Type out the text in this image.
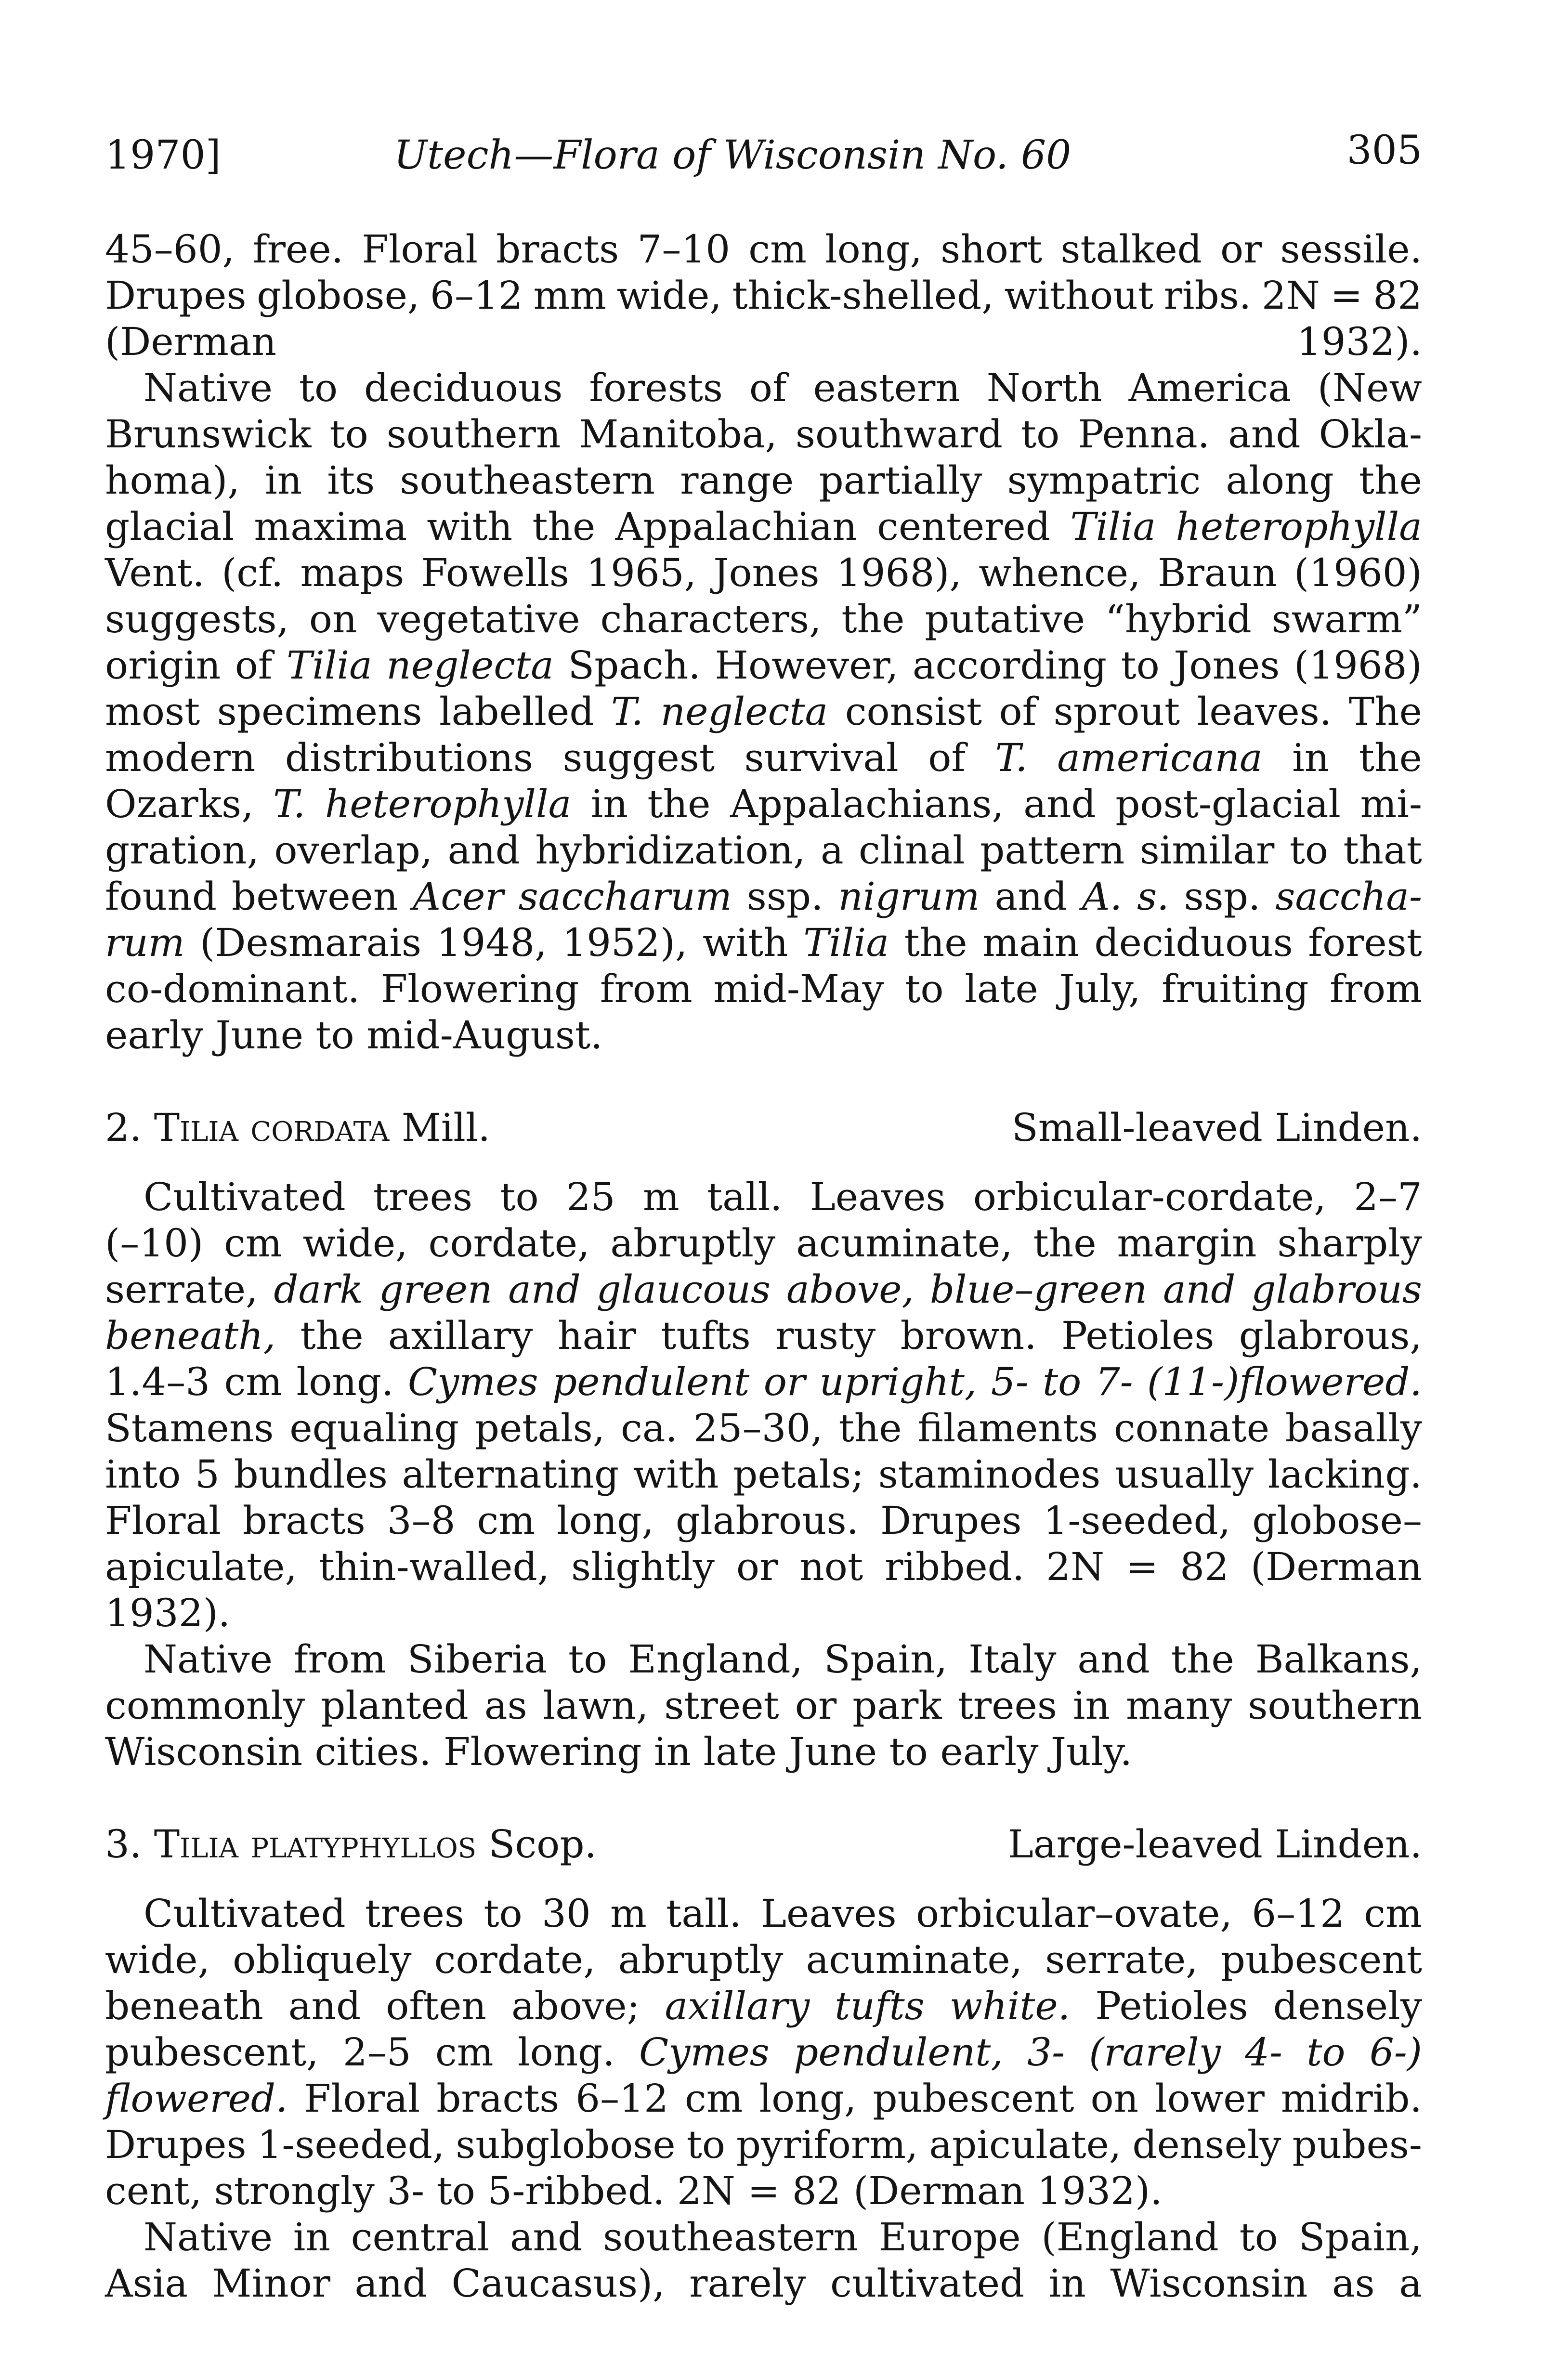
1970]	Utech—Flora of Wisconsin No. 60	305
45–60, free. Floral bracts 7–10 cm long, short stalked or sessile.
Drupes globose, 6–12 mm wide, thick-shelled, without ribs. 2N = 82
(Derman	1932).
Native to deciduous forests of eastern North America (New
Brunswick to southern Manitoba, southward to Penna. and Okla-
homa), in its southeastern range partially sympatric along the
glacial maxima with the Appalachian centered Tilia heterophylla
Vent. (cf. maps Fowells 1965, Jones 1968), whence, Braun (1960)
suggests, on vegetative characters, the putative “hybrid swarm”
origin of Tilia neglecta Spach. However, according to Jones (1968)
most specimens labelled T. neglecta consist of sprout leaves. The
modern distributions suggest survival of T. americana in the
Ozarks, T. heterophylla in the Appalachians, and post-glacial mi-
gration, overlap, and hybridization, a clinal pattern similar to that
found between Acer saccharum ssp. nigrum and A. s. ssp. saccha-
rum (Desmarais 1948, 1952), with Tilia the main deciduous forest
co-dominant. Flowering from mid-May to late July, fruiting from
early June to mid-August.
2. Tilia cordata Mill.	Small-leaved Linden.
Cultivated trees to 25 m tall. Leaves orbicular-cordate, 2–7
(–10) cm wide, cordate, abruptly acuminate, the margin sharply
serrate, dark green and glaucous above, blue–green and glabrous
beneath, the axillary hair tufts rusty brown. Petioles glabrous,
1.4–3 cm long. Cymes pendulent or upright, 5- to 7- (11-)flowered.
Stamens equaling petals, ca. 25–30, the filaments connate basally
into 5 bundles alternating with petals; staminodes usually lacking.
Floral bracts 3–8 cm long, glabrous. Drupes 1-seeded, globose–
apiculate, thin-walled, slightly or not ribbed. 2N = 82 (Derman
1932).
Native from Siberia to England, Spain, Italy and the Balkans,
commonly planted as lawn, street or park trees in many southern
Wisconsin cities. Flowering in late June to early July.
3. Tilia platyphyllos Scop.	Large-leaved Linden.
Cultivated trees to 30 m tall. Leaves orbicular–ovate, 6–12 cm
wide, obliquely cordate, abruptly acuminate, serrate, pubescent
beneath and often above; axillary tufts white. Petioles densely
pubescent, 2–5 cm long. Cymes pendulent, 3- (rarely 4- to 6-)
flowered. Floral bracts 6–12 cm long, pubescent on lower midrib.
Drupes 1-seeded, subglobose to pyriform, apiculate, densely pubes-
cent, strongly 3- to 5-ribbed. 2N = 82 (Derman 1932).
Native in central and southeastern Europe (England to Spain,
Asia Minor and Caucasus), rarely cultivated in Wisconsin as a
